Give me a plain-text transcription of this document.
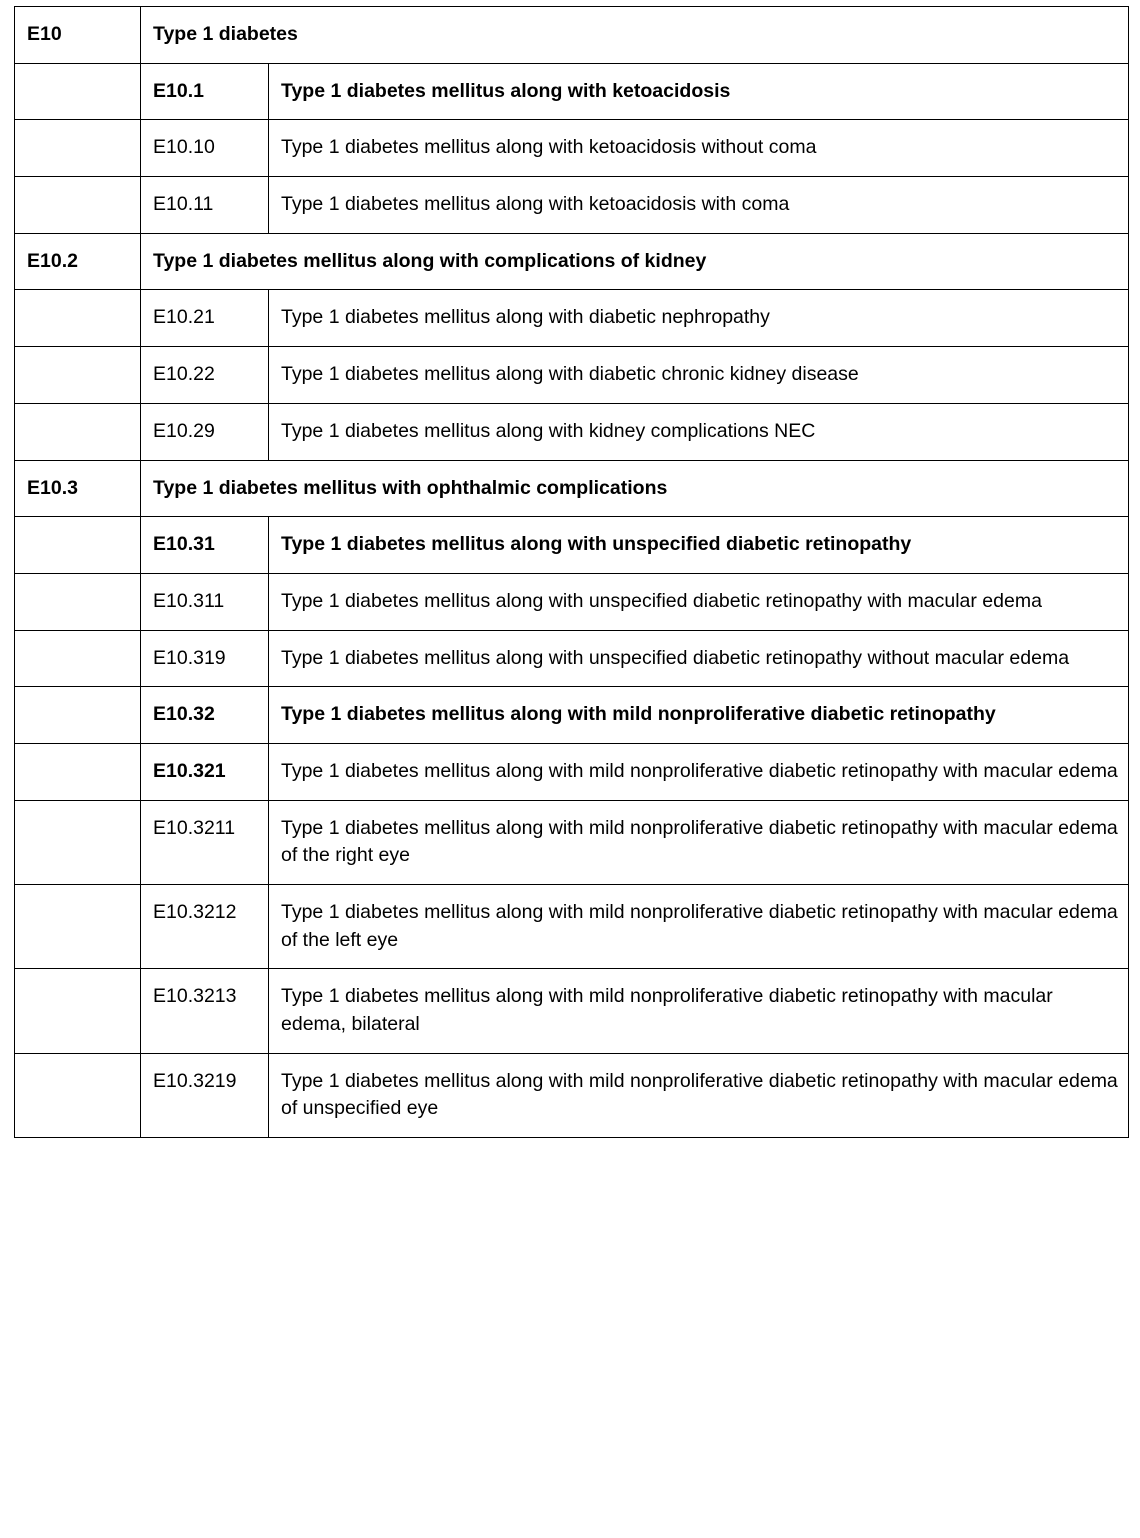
E10	Type 1 diabetes	
	E10.1	Type 1 diabetes mellitus along with ketoacidosis
	E10.10	Type 1 diabetes mellitus along with ketoacidosis without coma
	E10.11	Type 1 diabetes mellitus along with ketoacidosis with coma
E10.2	Type 1 diabetes mellitus along with complications of kidney	
	E10.21	Type 1 diabetes mellitus along with diabetic nephropathy
	E10.22	Type 1 diabetes mellitus along with diabetic chronic kidney disease
	E10.29	Type 1 diabetes mellitus along with kidney complications NEC
E10.3	Type 1 diabetes mellitus with ophthalmic complications	
	E10.31	Type 1 diabetes mellitus along with unspecified diabetic retinopathy
	E10.311	Type 1 diabetes mellitus along with unspecified diabetic retinopathy with macular edema
	E10.319	Type 1 diabetes mellitus along with unspecified diabetic retinopathy without macular edema
	E10.32	Type 1 diabetes mellitus along with mild nonproliferative diabetic retinopathy
	E10.321	Type 1 diabetes mellitus along with mild nonproliferative diabetic retinopathy with macular edema
	E10.3211	Type 1 diabetes mellitus along with mild nonproliferative diabetic retinopathy with macular edema of the right eye
	E10.3212	Type 1 diabetes mellitus along with mild nonproliferative diabetic retinopathy with macular edema of the left eye
	E10.3213	Type 1 diabetes mellitus along with mild nonproliferative diabetic retinopathy with macular edema, bilateral
	E10.3219	Type 1 diabetes mellitus along with mild nonproliferative diabetic retinopathy with macular edema of unspecified eye
